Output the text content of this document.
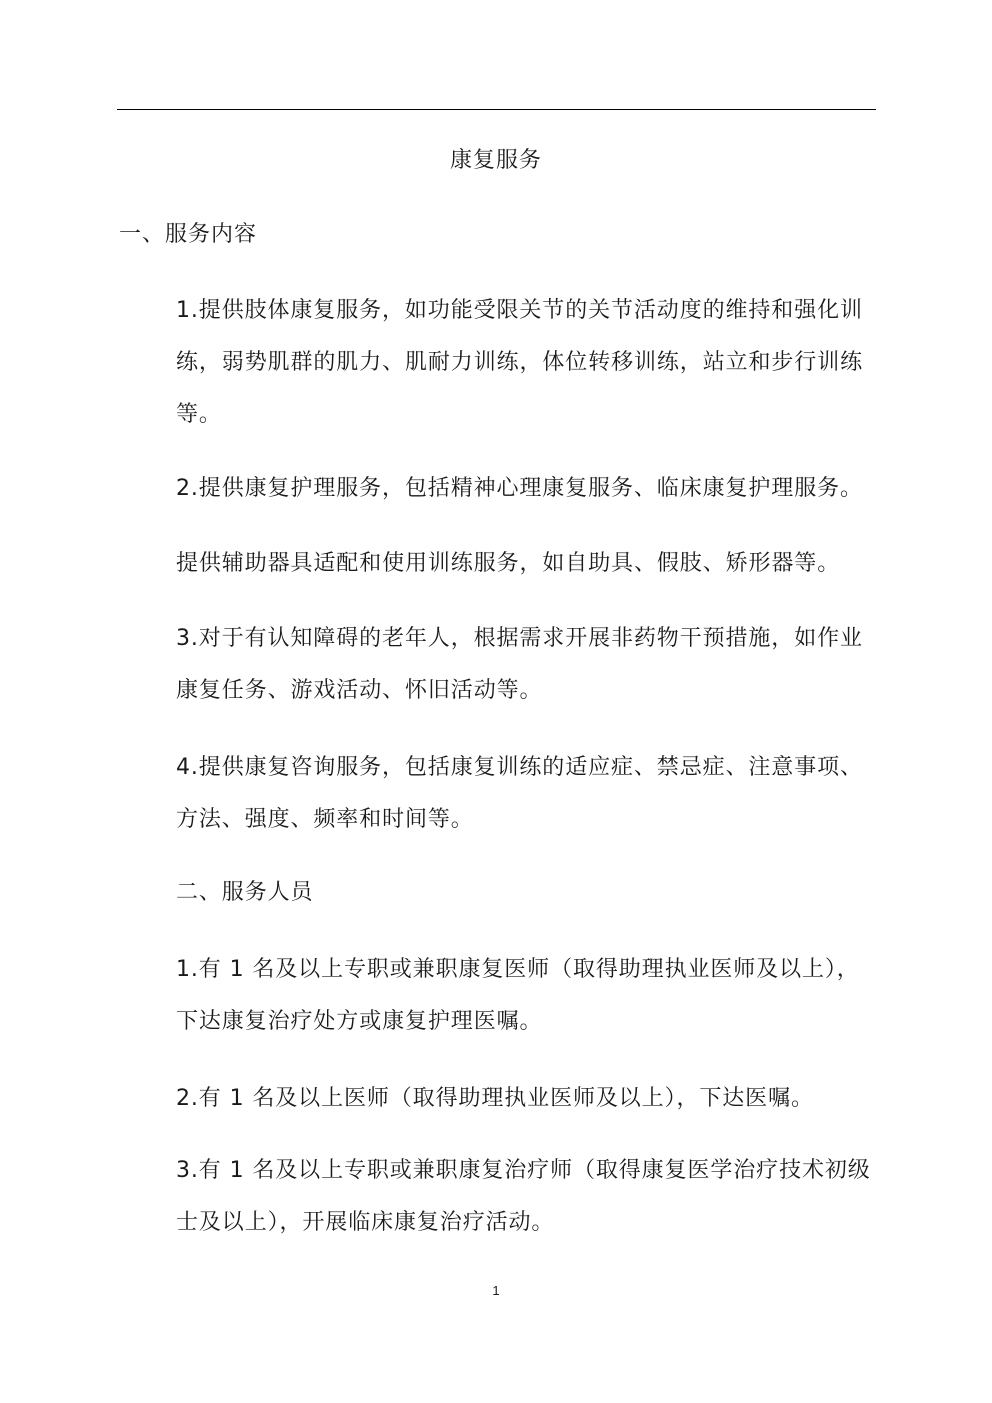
康复服务
一、服务内容

1.提供肢体康复服务，如功能受限关节的关节活动度的维持和强化训练，弱势肌群的肌力、肌耐力训练，体位转移训练，站立和步行训练等。

2.提供康复护理服务，包括精神心理康复服务、临床康复护理服务。

提供辅助器具适配和使用训练服务，如自助具、假肢、矫形器等。

3.对于有认知障碍的老年人，根据需求开展非药物干预措施，如作业康复任务、游戏活动、怀旧活动等。

4.提供康复咨询服务，包括康复训练的适应症、禁忌症、注意事项、方法、强度、频率和时间等。

二、服务人员

1.有 1 名及以上专职或兼职康复医师（取得助理执业医师及以上），下达康复治疗处方或康复护理医嘱。

2.有 1 名及以上医师（取得助理执业医师及以上），下达医嘱。

3.有 1 名及以上专职或兼职康复治疗师（取得康复医学治疗技术初级士及以上），开展临床康复治疗活动。

1
